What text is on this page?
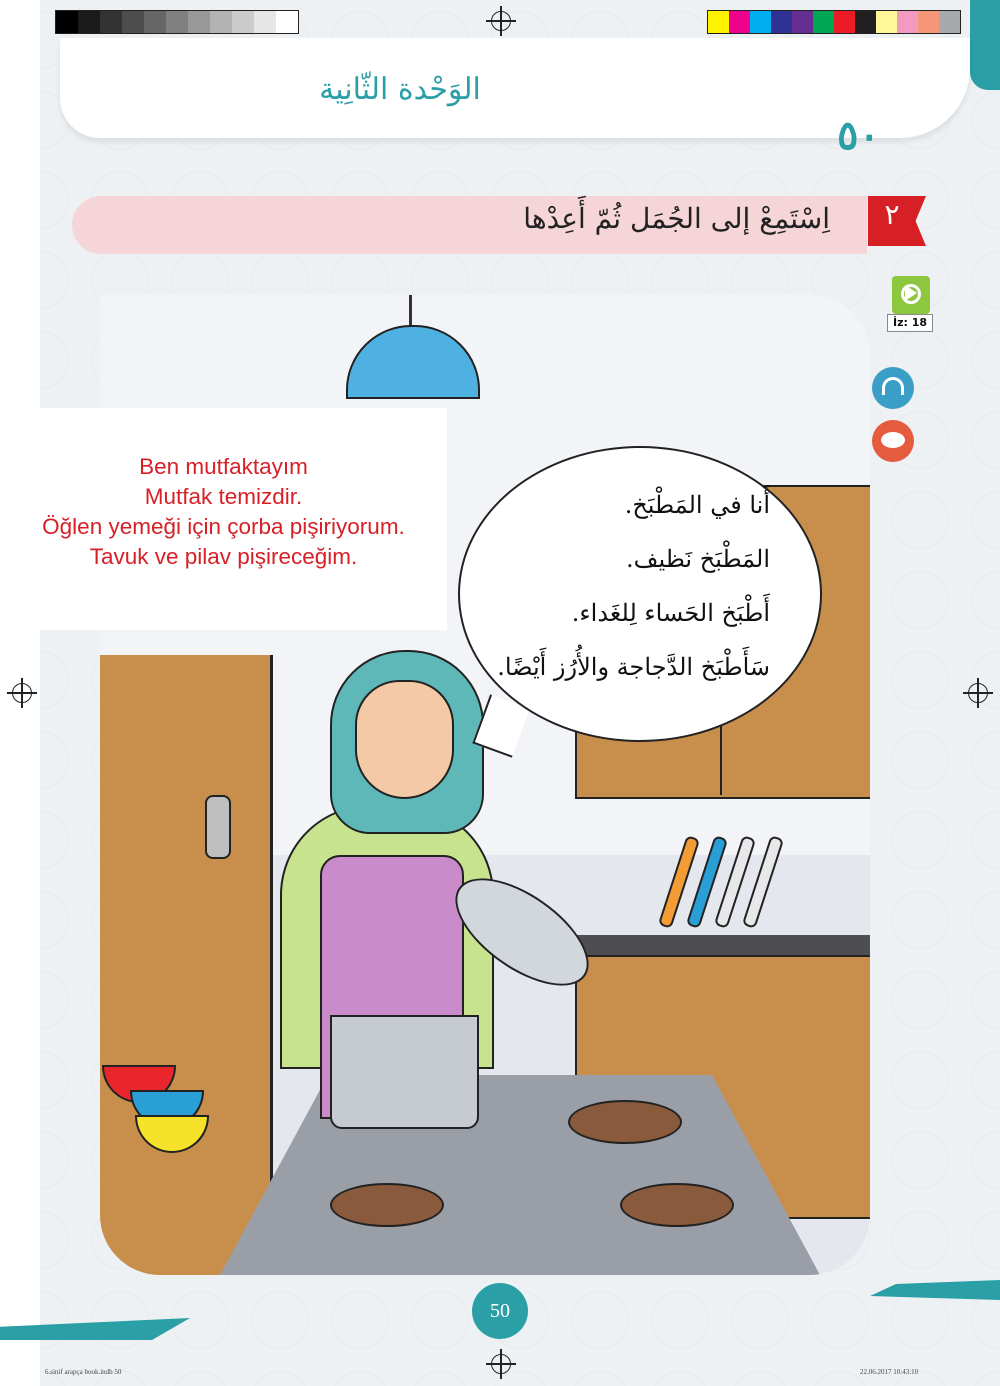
الوَحْدة الثّانِية
٥٠
اِسْتَمِعْ إلى الجُمَل ثُمّ أَعِدْها	٢
İz: 18
Ben mutfaktayım
Mutfak temizdir.
Öğlen yemeği için çorba pişiriyorum.
Tavuk ve pilav pişireceğim.
أَنا في المَطْبَخ.
المَطْبَخ نَظيف.
أَطْبَخ الحَساء لِلغَداء.
سَأَطْبَخ الدَّجاجة والأُرُز أَيْضًا.
50
6.sinif arapça book.indb 50	22.06.2017 10:43:10
